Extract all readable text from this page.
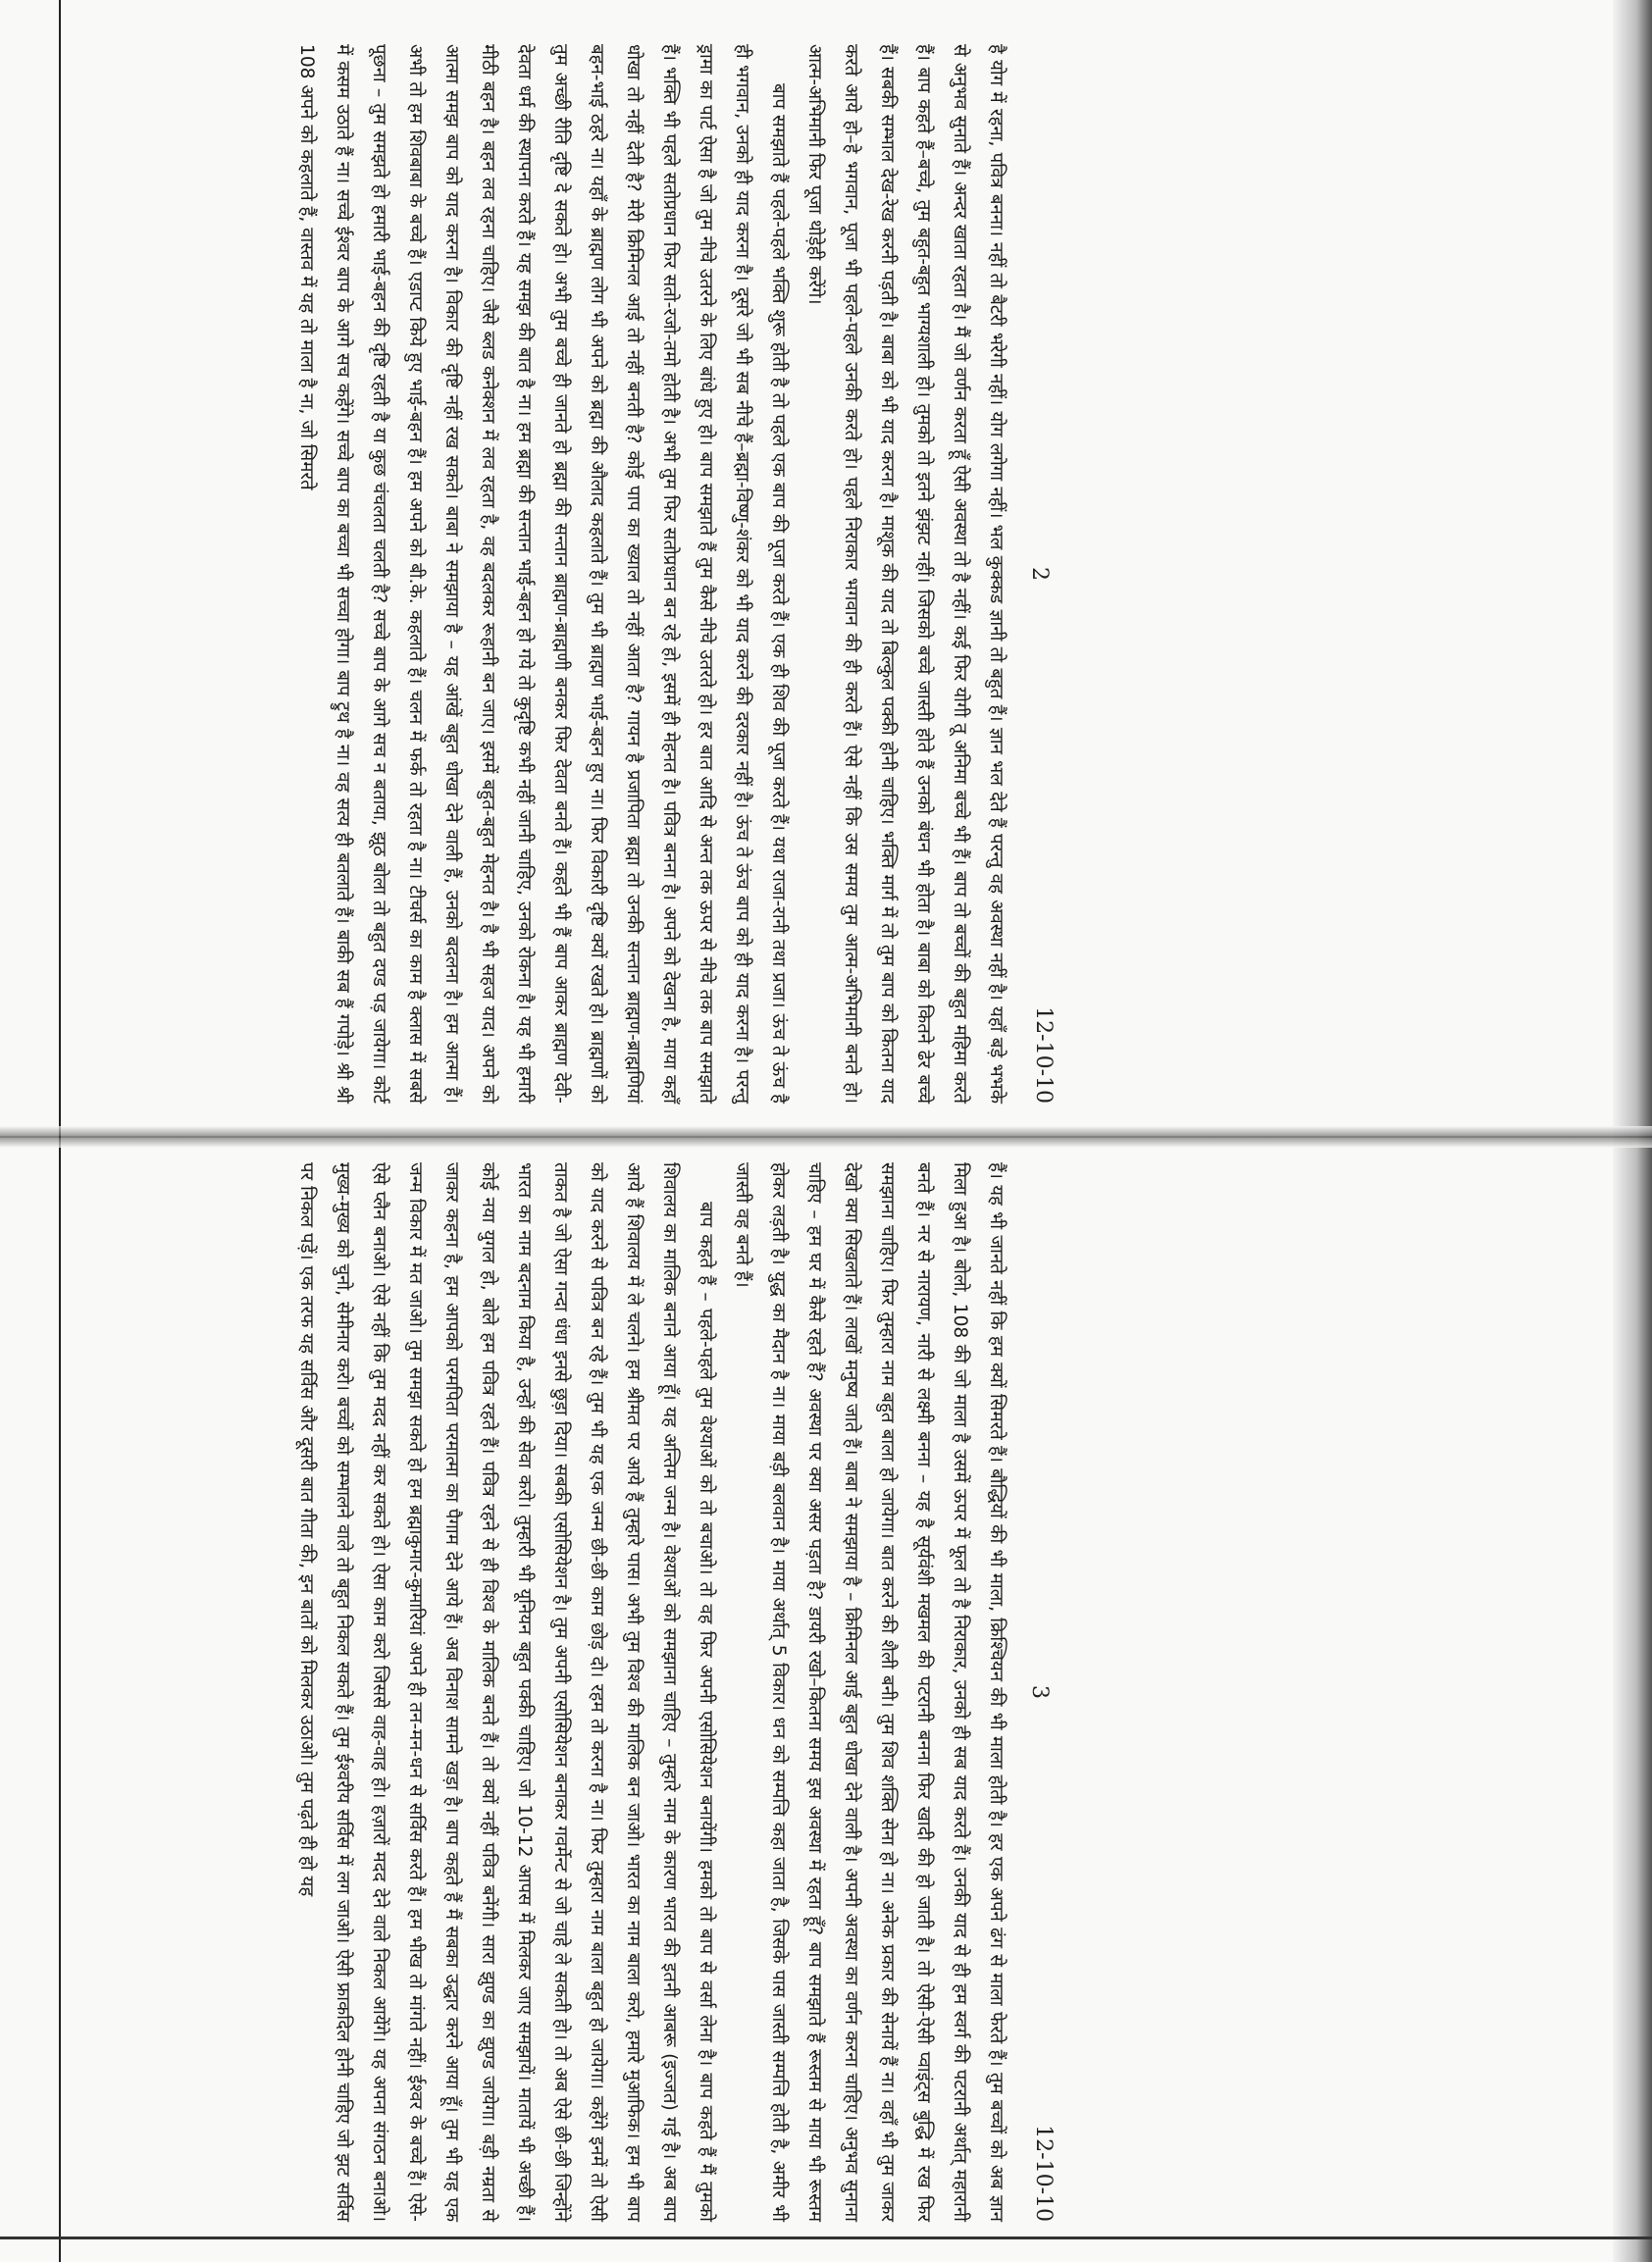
2
12-10-10

है योग में रहना, पवित्र बनना। नहीं तो बैटरी भरेगी नहीं। योग लगेगा नहीं। भल कुक्कड ज्ञानी तो बहुत हैं। ज्ञान भल देते हैं परन्तु वह अवस्था नहीं है। यहाँ बड़े भभके से अनुभव सुनाते हैं। अन्दर खाता रहता है। मैं जो वर्णन करता हूँ ऐसी अवस्था तो है नहीं। कई फिर योगी तू अनिमा बच्चे भी हैं। बाप तो बच्चों की बहुत महिमा करते हैं। बाप कहते हैं–बच्चे, तुम बहुत-बहुत भाग्यशाली हो। तुमको तो इतने झंझट नहीं। जिसको बच्चे जास्ती होते हैं उनको बंधन भी होता है। बाबा को कितने ढेर बच्चे हैं। सबकी सम्भाल देख-रेख करनी पड़ती है। बाबा को भी याद करना है। माशूक की याद तो बिल्कुल पक्की होनी चाहिए। भक्ति मार्ग में तो तुम बाप को कितना याद करते आये हो–हे भगवान, पूजा भी पहले-पहले उनकी करते हो। पहले निराकार भगवान की ही करते हैं। ऐसे नहीं कि उस समय तुम आत्म-अभिमानी बनते हो। आत्म-अभिमानी फिर पूजा थोड़ेही करेंगे।

बाप समझाते हैं पहले-पहले भक्ति शुरू होती है तो पहले एक बाप की पूजा करते हैं। एक ही शिव की पूजा करते हैं। यथा राजा-रानी तथा प्रजा। ऊंच ते ऊंच है ही भगवान, उनको ही याद करना है। दूसरे जो भी सब नीचे हैं–ब्रह्मा-विष्णु-शंकर को भी याद करने की दरकार नहीं है। ऊंच ते ऊंच बाप को ही याद करना है। परन्तु ड्रामा का पार्ट ऐसा है जो तुम नीचे उतरने के लिए बांधे हुए हो। बाप समझाते हैं तुम कैसे नीचे उतरते हो। हर बात आदि से अन्त तक ऊपर से नीचे तक बाप समझाते हैं। भक्ति भी पहले सतोप्रधान फिर सतो-रजो-तमो होती है। अभी तुम फिर सतोप्रधान बन रहे हो, इसमें ही मेहनत है। पवित्र बनना है। अपने को देखना है, माया कहाँ धोखा तो नहीं देती है? मेरी क्रिमिनल आई तो नहीं बनती है? कोई पाप का ख्याल तो नहीं आता है? गायन है प्रजापिता ब्रह्मा तो उनकी सन्तान ब्राह्मण-ब्राह्मणियां बहन-भाई ठहरे ना। यहाँ के ब्राह्मण लोग भी अपने को ब्रह्मा की औलाद कहलाते हैं। तुम भी ब्राह्मण भाई-बहन हुए ना। फिर विकारी दृष्टि क्यों रखते हो। ब्राह्मणों को तुम अच्छी रीति दृष्टि दे सकते हो। अभी तुम बच्चे ही जानते हो ब्रह्मा की सन्तान ब्राह्मण-ब्राह्मणी बनकर फिर देवता बनते हैं। कहते भी हैं बाप आकर ब्राह्मण देवी-देवता धर्म की स्थापना करते हैं। यह समझ की बात है ना। हम ब्रह्मा की सन्तान भाई-बहन हो गये तो कुदृष्टि कभी नहीं जानी चाहिए, उनको रोकना है। यह भी हमारी मीठी बहन है। बहन लव रहना चाहिए। जैसे ब्लड कनेक्शन में लव रहता है, वह बदलकर रूहानी बन जाए। इसमें बहुत-बहुत मेहनत है। है भी सहज याद। अपने को आत्मा समझ बाप को याद करना है। विकार की दृष्टि नहीं रख सकते। बाबा ने समझाया है – यह आंखें बहुत धोखा देने वाली हैं, उनको बदलना है। हम आत्मा हैं। अभी तो हम शिवबाबा के बच्चे हैं। एडाप्ट किये हुए भाई-बहन हैं। हम अपने को बी.के. कहलाते हैं। चलन में फर्क तो रहता है ना। टीचर्स का काम है क्लास में सबसे पूछना – तुम समझते हो हमारी भाई-बहन की दृष्टि रहती है या कुछ चंचलता चलती है? सच्चे बाप के आगे सच न बताया, झूठ बोला तो बहुत दण्ड पड़ जायेगा। कोर्ट में कसम उठाते हैं ना। सच्चे ईश्वर बाप के आगे सच कहेंगे। सच्चे बाप का बच्चा भी सच्चा होगा। बाप ट्रुथ है ना। वह सत्य ही बतलाते हैं। बाकी सब हैं गपोड़े। श्री श्री 108 अपने को कहलाते हैं, वास्तव में यह तो माला है ना, जो सिमरते

3
12-10-10

हैं। यह भी जानते नहीं कि हम क्यों सिमरते हैं। बौद्धियों की भी माला, क्रिश्चियन की भी माला होती है। हर एक अपने ढंग से माला फेरते हैं। तुम बच्चों को अब ज्ञान मिला हुआ है। बोलो, 108 की जो माला है उसमें ऊपर में फूल तो है निराकार, उनको ही सब याद करते हैं। उनकी याद से ही हम स्वर्ग की पटरानी अर्थात् महारानी बनते हैं। नर से नारायण, नारी से लक्ष्मी बनना – यह है सूर्यवंशी मखमल की पटरानी बनना फिर खादी की हो जाती है। तो ऐसी-ऐसी प्वाइंट्स बुद्धि में रख फिर समझाना चाहिए। फिर तुम्हारा नाम बहुत बाला हो जायेगा। बात करने की शैली बनी। तुम शिव शक्ति सेना हो ना। अनेक प्रकार की सेनायें हैं ना। वहाँ भी तुम जाकर देखो क्या सिखलाते हैं। लाखों मनुष्य जाते हैं। बाबा ने समझाया है – क्रिमिनल आई बहुत धोखा देने वाली है। अपनी अवस्था का वर्णन करना चाहिए। अनुभव सुनाना चाहिए – हम घर में कैसे रहते हैं? अवस्था पर क्या असर पड़ता है? डायरी रखो–कितना समय इस अवस्था में रहता हूँ? बाप समझाते हैं रूस्तम से माया भी रूस्तम होकर लड़ती है। युद्ध का मैदान है ना। माया बड़ी बलवान है। माया अर्थात् 5 विकार। धन को सम्पत्ति कहा जाता है, जिसके पास जास्ती सम्पत्ति होती है, अमीर भी जास्ती वह बनते हैं।

बाप कहते हैं – पहले-पहले तुम वेश्याओं को तो बचाओ। तो वह फिर अपनी एसोसियेशन बनायेंगी। हमको तो बाप से वर्सा लेना है। बाप कहते हैं मैं तुमको शिवालय का मालिक बनाने आया हूँ। यह अन्तिम जन्म है। वेश्याओं को समझाना चाहिए – तुम्हारे नाम के कारण भारत की इतनी आबरू (इज्जत) गई है। अब बाप आये हैं शिवालय में ले चलने। हम श्रीमत पर आये हैं तुम्हारे पास। अभी तुम विश्व की मालिक बन जाओ। भारत का नाम बाला करो, हमारे मुआफिक। हम भी बाप को याद करने से पवित्र बन रहे हैं। तुम भी यह एक जन्म छी-छी काम छोड़ दो। रहम तो करना है ना। फिर तुम्हारा नाम बाला बहुत हो जायेगा। कहेंगे इनमें तो ऐसी ताकत है जो ऐसा गन्दा धंधा इनसे छुड़ा दिया। सबकी एसोसियेशन है। तुम अपनी एसोसियेशन बनाकर गवर्मेन्ट से जो चाहे ले सकती हो। तो अब ऐसे छी-छी जिन्होंने भारत का नाम बदनाम किया है, उन्हों की सेवा करो। तुम्हारी भी यूनियन बहुत पक्की चाहिए। जो 10-12 आपस में मिलकर जाए समझायें। मातायें भी अच्छी हैं। कोई नया युगल हो, बोले हम पवित्र रहते हैं। पवित्र रहने से ही विश्व के मालिक बनते हैं। तो क्यों नहीं पवित्र बनेंगी। सारा झुण्ड का झुण्ड जायेगा। बड़ी नम्रता से जाकर कहना है, हम आपको परमपिता परमात्मा का पैगाम देने आये हैं। अब विनाश सामने खड़ा है। बाप कहते हैं मैं सबका उद्धार करने आया हूँ। तुम भी यह एक जन्म विकार में मत जाओ। तुम समझा सकते हो हम ब्रह्माकुमार-कुमारियां अपने ही तन-मन-धन से सर्विस करते हैं। हम भीख तो मांगते नहीं। ईश्वर के बच्चे हैं। ऐसे-ऐसे प्लैन बनाओ। ऐसे नहीं कि तुम मदद नहीं कर सकते हो। ऐसा काम करो जिससे वाह-वाह हो। हज़ारों मदद देने वाले निकल आयेंगे। यह अपना संगठन बनाओ। मुख्य-मुख्य को चुनो, सेमीनार करो। बच्चों को सम्भालने वाले तो बहुत निकल सकते हैं। तुम ईश्वरीय सर्विस में लग जाओ। ऐसी फ्राकदिल होनी चाहिए जो झट सर्विस पर निकल पड़ें। एक तरफ यह सर्विस और दूसरी बात गीता की, इन बातों को मिलकर उठाओ। तुम पढ़ते ही हो यह
